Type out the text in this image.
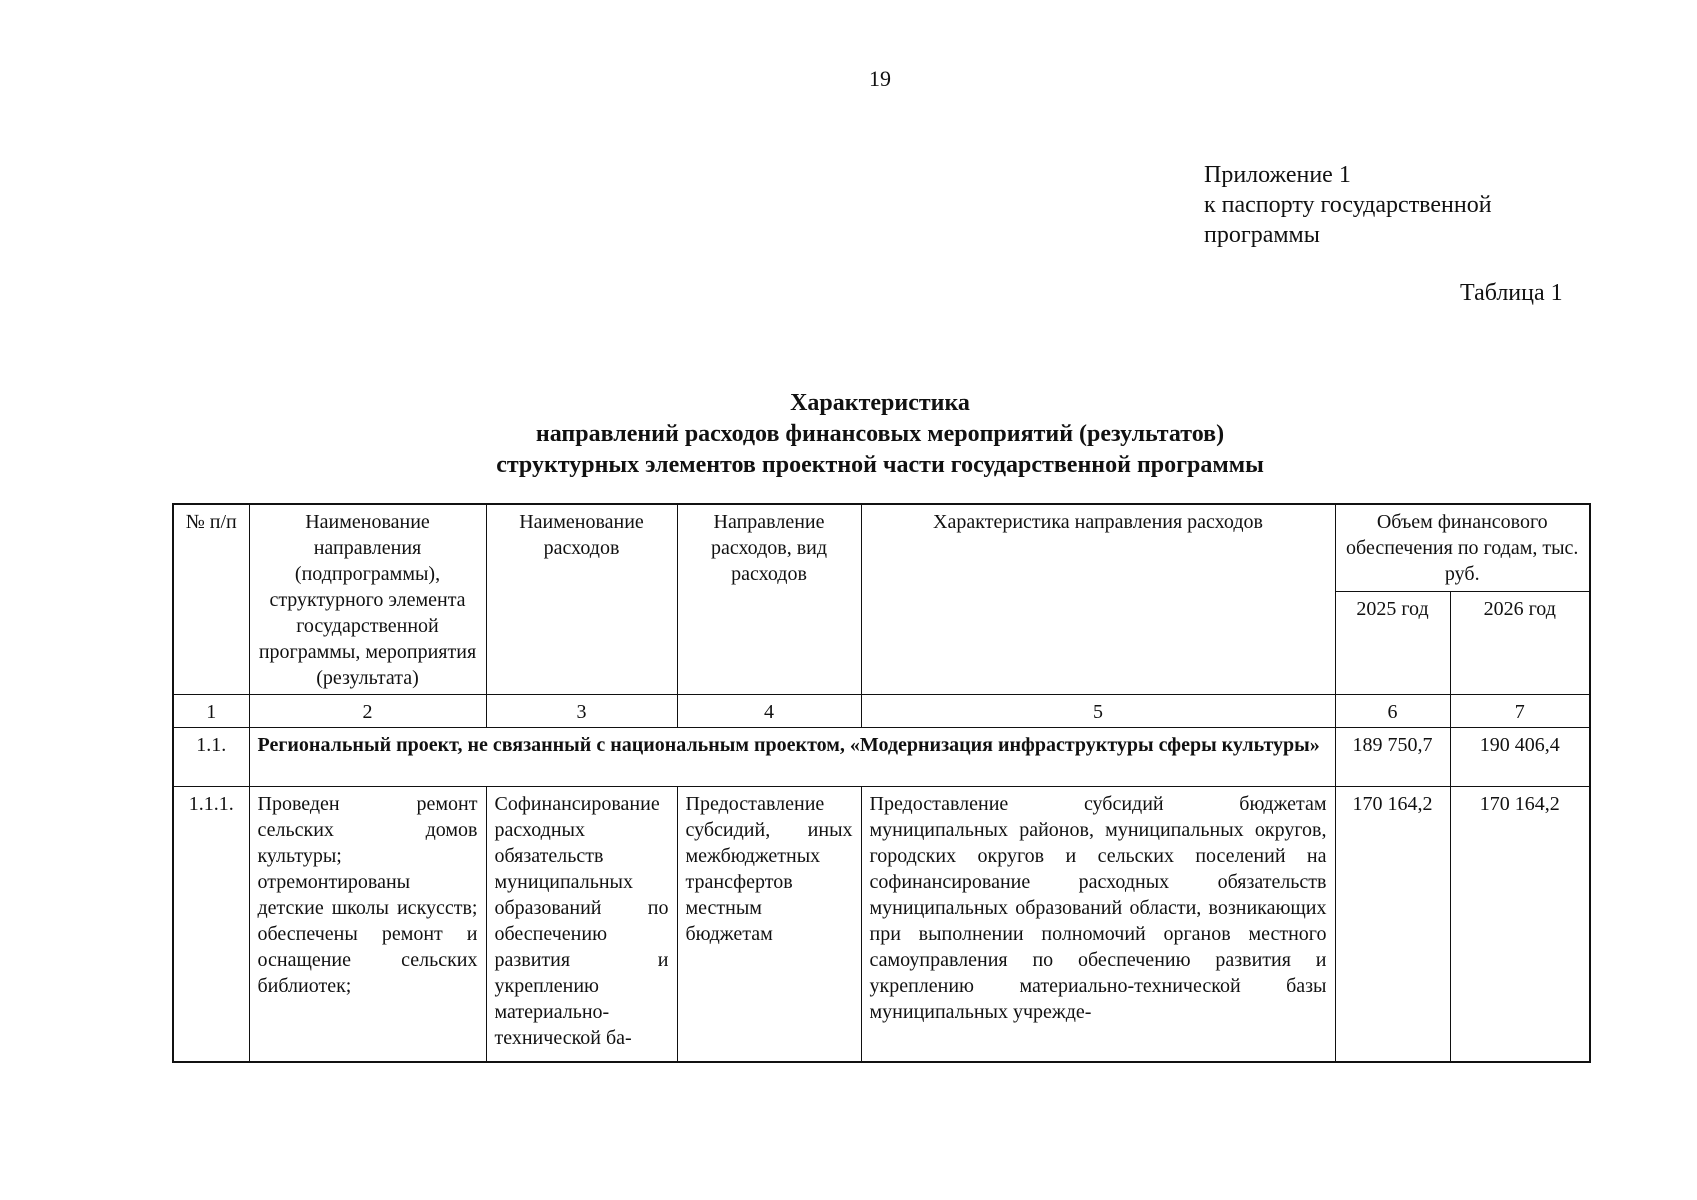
19
Приложение 1
к паспорту государственной
программы
Таблица 1
Характеристика
направлений расходов финансовых мероприятий (результатов)
структурных элементов проектной части государственной программы
№ п/п	Наименование направления (подпрограммы), структурного элемента государственной программы, мероприятия (результата)	Наименование расходов	Направление расходов, вид расходов	Характеристика направления расходов	Объем финансового обеспечения по годам, тыс. руб.	
					2025 год	2026 год
1	2	3	4	5	6	7
1.1.	Региональный проект, не связанный с национальным проектом, «Модернизация инфраструктуры сферы культуры»				189 750,7	190 406,4
1.1.1.	Проведен ремонт сельских домов культуры; отремонтированы детские школы искусств; обеспечены ремонт и оснащение сельских библиотек;	Софинансирование расходных обязательств муниципальных образований по обеспечению развития и укреплению материально-технической ба-	Предоставление субсидий, иных межбюджетных трансфертов местным бюджетам	Предоставление субсидий бюджетам муниципальных районов, муниципальных округов, городских округов и сельских поселений на софинансирование расходных обязательств муниципальных образований области, возникающих при выполнении полномочий органов местного самоуправления по обеспечению развития и укреплению материально-технической базы муниципальных учрежде-	170 164,2	170 164,2
